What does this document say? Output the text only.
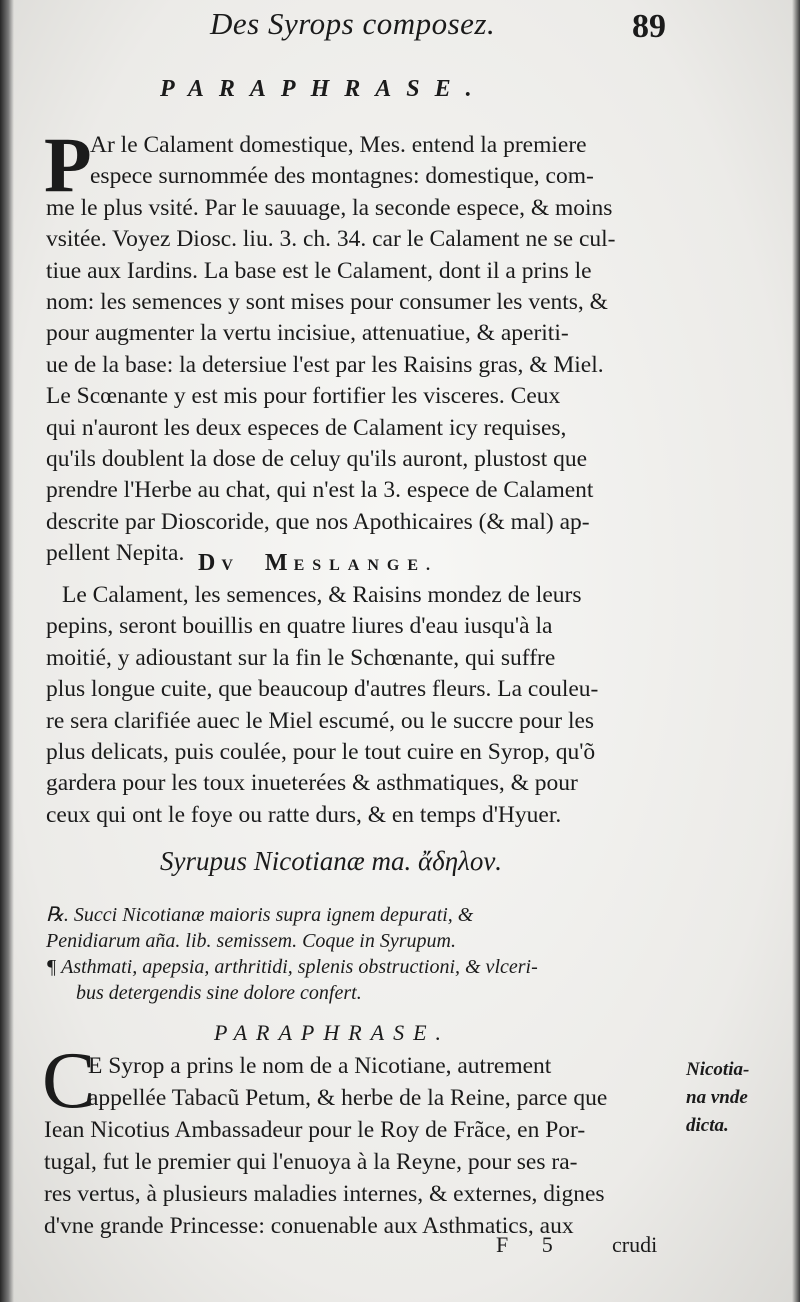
Des Syrops composez.	89
PARAPHRASE.
P
Ar le Calament domestique, Mes. entend la premiere
espece surnommée des montagnes: domestique, com-
me le plus vsité. Par le sauuage, la seconde espece, & moins
vsitée. Voyez Diosc. liu. 3. ch. 34. car le Calament ne se cul-
tiue aux Iardins. La base est le Calament, dont il a prins le
nom: les semences y sont mises pour consumer les vents, &
pour augmenter la vertu incisiue, attenuatiue, & aperiti-
ue de la base: la detersiue l'est par les Raisins gras, & Miel.
Le Scœnante y est mis pour fortifier les visceres. Ceux
qui n'auront les deux especes de Calament icy requises,
qu'ils doublent la dose de celuy qu'ils auront, plustost que
prendre l'Herbe au chat, qui n'est la 3. espece de Calament
descrite par Dioscoride, que nos Apothicaires (& mal) ap-
pellent Nepita. DV MESLANGE.
Le Calament, les semences, & Raisins mondez de leurs
pepins, seront bouillis en quatre liures d'eau iusqu'à la
moitié, y adioustant sur la fin le Schœnante, qui suffre
plus longue cuite, que beaucoup d'autres fleurs. La couleu-
re sera clarifiée auec le Miel escumé, ou le succre pour les
plus delicats, puis coulée, pour le tout cuire en Syrop, qu'õ
gardera pour les toux inueterées & asthmatiques, & pour
ceux qui ont le foye ou ratte durs, & en temps d'Hyuer.
Syrupus Nicotianæ ma. ἄδηλον.
℞. Succi Nicotianæ maioris supra ignem depurati, &
Penidiarum aña. lib. semissem. Coque in Syrupum.
¶ Asthmati, apepsia, arthritidi, splenis obstructioni, & vlceri-
bus detergendis sine dolore confert.
PARAPHRASE.
C
E Syrop a prins le nom de a Nicotiane, autrement
appellée Tabacũ Petum, & herbe de la Reine, parce que
Iean Nicotius Ambassadeur pour le Roy de Frãce, en Por-
tugal, fut le premier qui l'enuoya à la Reyne, pour ses ra-
res vertus, à plusieurs maladies internes, & externes, dignes
d'vne grande Princesse: conuenable aux Asthmatics, aux
Nicotia-
na vnde
dicta.
F 5 crudi
